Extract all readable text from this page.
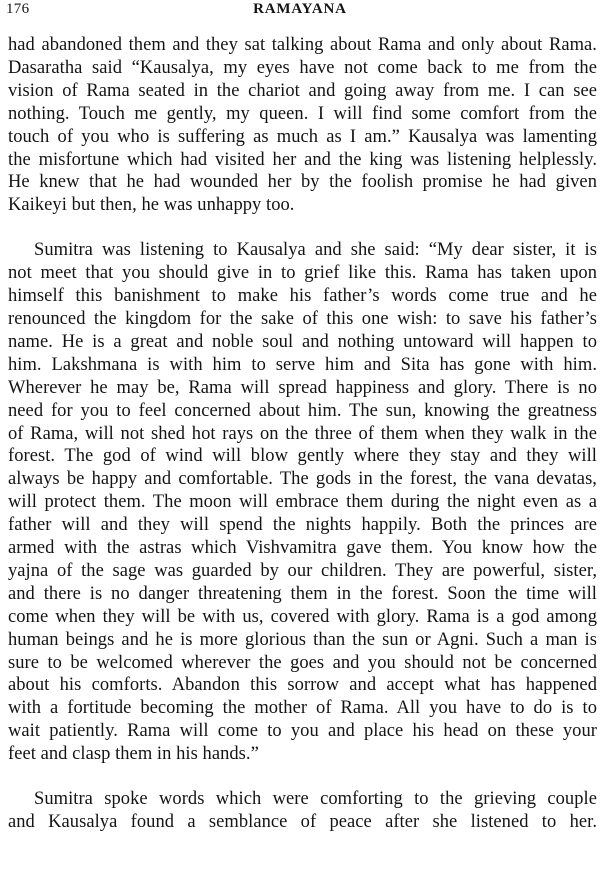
176	RAMAYANA
had abandoned them and they sat talking about Rama and only about Rama.
Dasaratha said “Kausalya, my eyes have not come back to me from the
vision of Rama seated in the chariot and going away from me. I can see
nothing. Touch me gently, my queen. I will find some comfort from the
touch of you who is suffering as much as I am.” Kausalya was lamenting
the misfortune which had visited her and the king was listening helplessly.
He knew that he had wounded her by the foolish promise he had given
Kaikeyi but then, he was unhappy too.
Sumitra was listening to Kausalya and she said: “My dear sister, it is
not meet that you should give in to grief like this. Rama has taken upon
himself this banishment to make his father’s words come true and he
renounced the kingdom for the sake of this one wish: to save his father’s
name. He is a great and noble soul and nothing untoward will happen to
him. Lakshmana is with him to serve him and Sita has gone with him.
Wherever he may be, Rama will spread happiness and glory. There is no
need for you to feel concerned about him. The sun, knowing the greatness
of Rama, will not shed hot rays on the three of them when they walk in the
forest. The god of wind will blow gently where they stay and they will
always be happy and comfortable. The gods in the forest, the vana devatas,
will protect them. The moon will embrace them during the night even as a
father will and they will spend the nights happily. Both the princes are
armed with the astras which Vishvamitra gave them. You know how the
yajna of the sage was guarded by our children. They are powerful, sister,
and there is no danger threatening them in the forest. Soon the time will
come when they will be with us, covered with glory. Rama is a god among
human beings and he is more glorious than the sun or Agni. Such a man is
sure to be welcomed wherever the goes and you should not be concerned
about his comforts. Abandon this sorrow and accept what has happened
with a fortitude becoming the mother of Rama. All you have to do is to
wait patiently. Rama will come to you and place his head on these your
feet and clasp them in his hands.”
Sumitra spoke words which were comforting to the grieving couple
and Kausalya found a semblance of peace after she listened to her.
